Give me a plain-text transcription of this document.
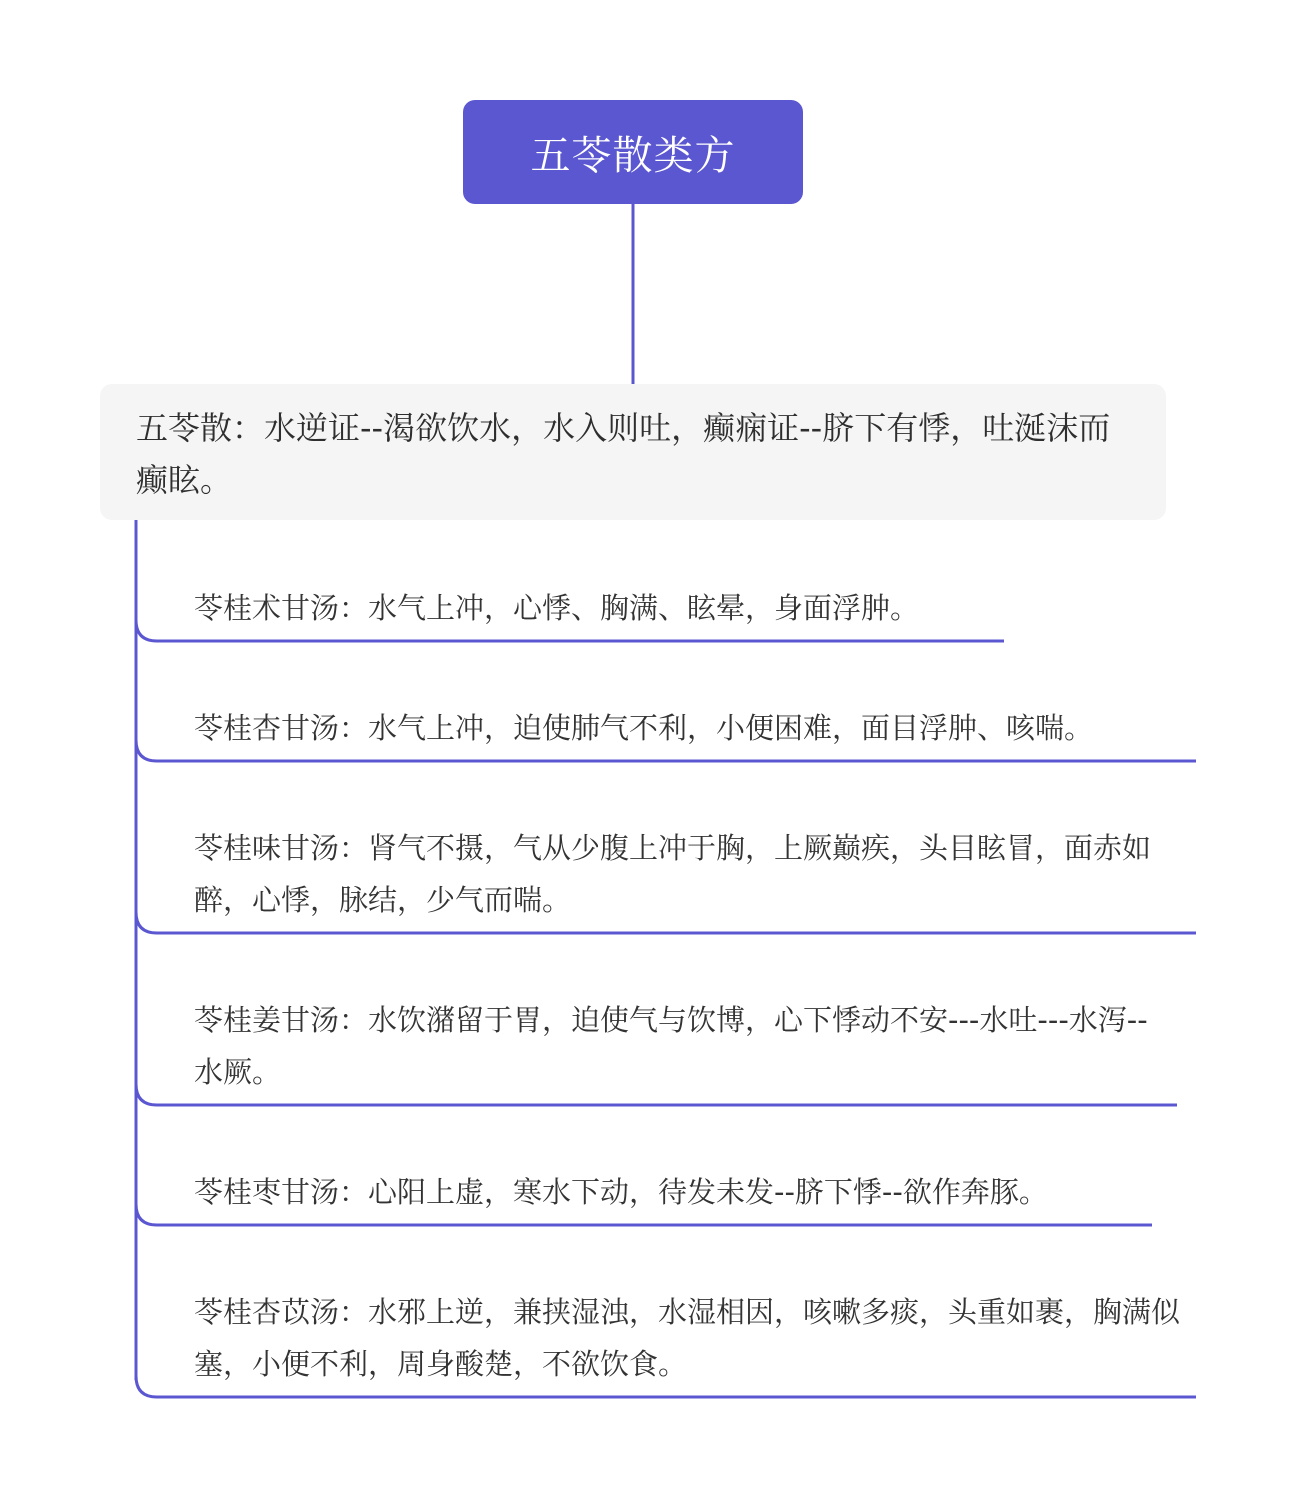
五苓散类方
五苓散：水逆证--渴欲饮水，水入则吐，癫痫证--脐下有悸，吐涎沫而癫眩。
苓桂术甘汤：水气上冲，心悸、胸满、眩晕，身面浮肿。
苓桂杏甘汤：水气上冲，迫使肺气不利，小便困难，面目浮肿、咳喘。
苓桂味甘汤：肾气不摄，气从少腹上冲于胸，上厥巅疾，头目眩冒，面赤如醉，心悸，脉结，少气而喘。
苓桂姜甘汤：水饮潴留于胃，迫使气与饮博，心下悸动不安---水吐---水泻--水厥。
苓桂枣甘汤：心阳上虚，寒水下动，待发未发--脐下悸--欲作奔豚。
苓桂杏苡汤：水邪上逆，兼挟湿浊，水湿相因，咳嗽多痰，头重如裹，胸满似塞，小便不利，周身酸楚，不欲饮食。
